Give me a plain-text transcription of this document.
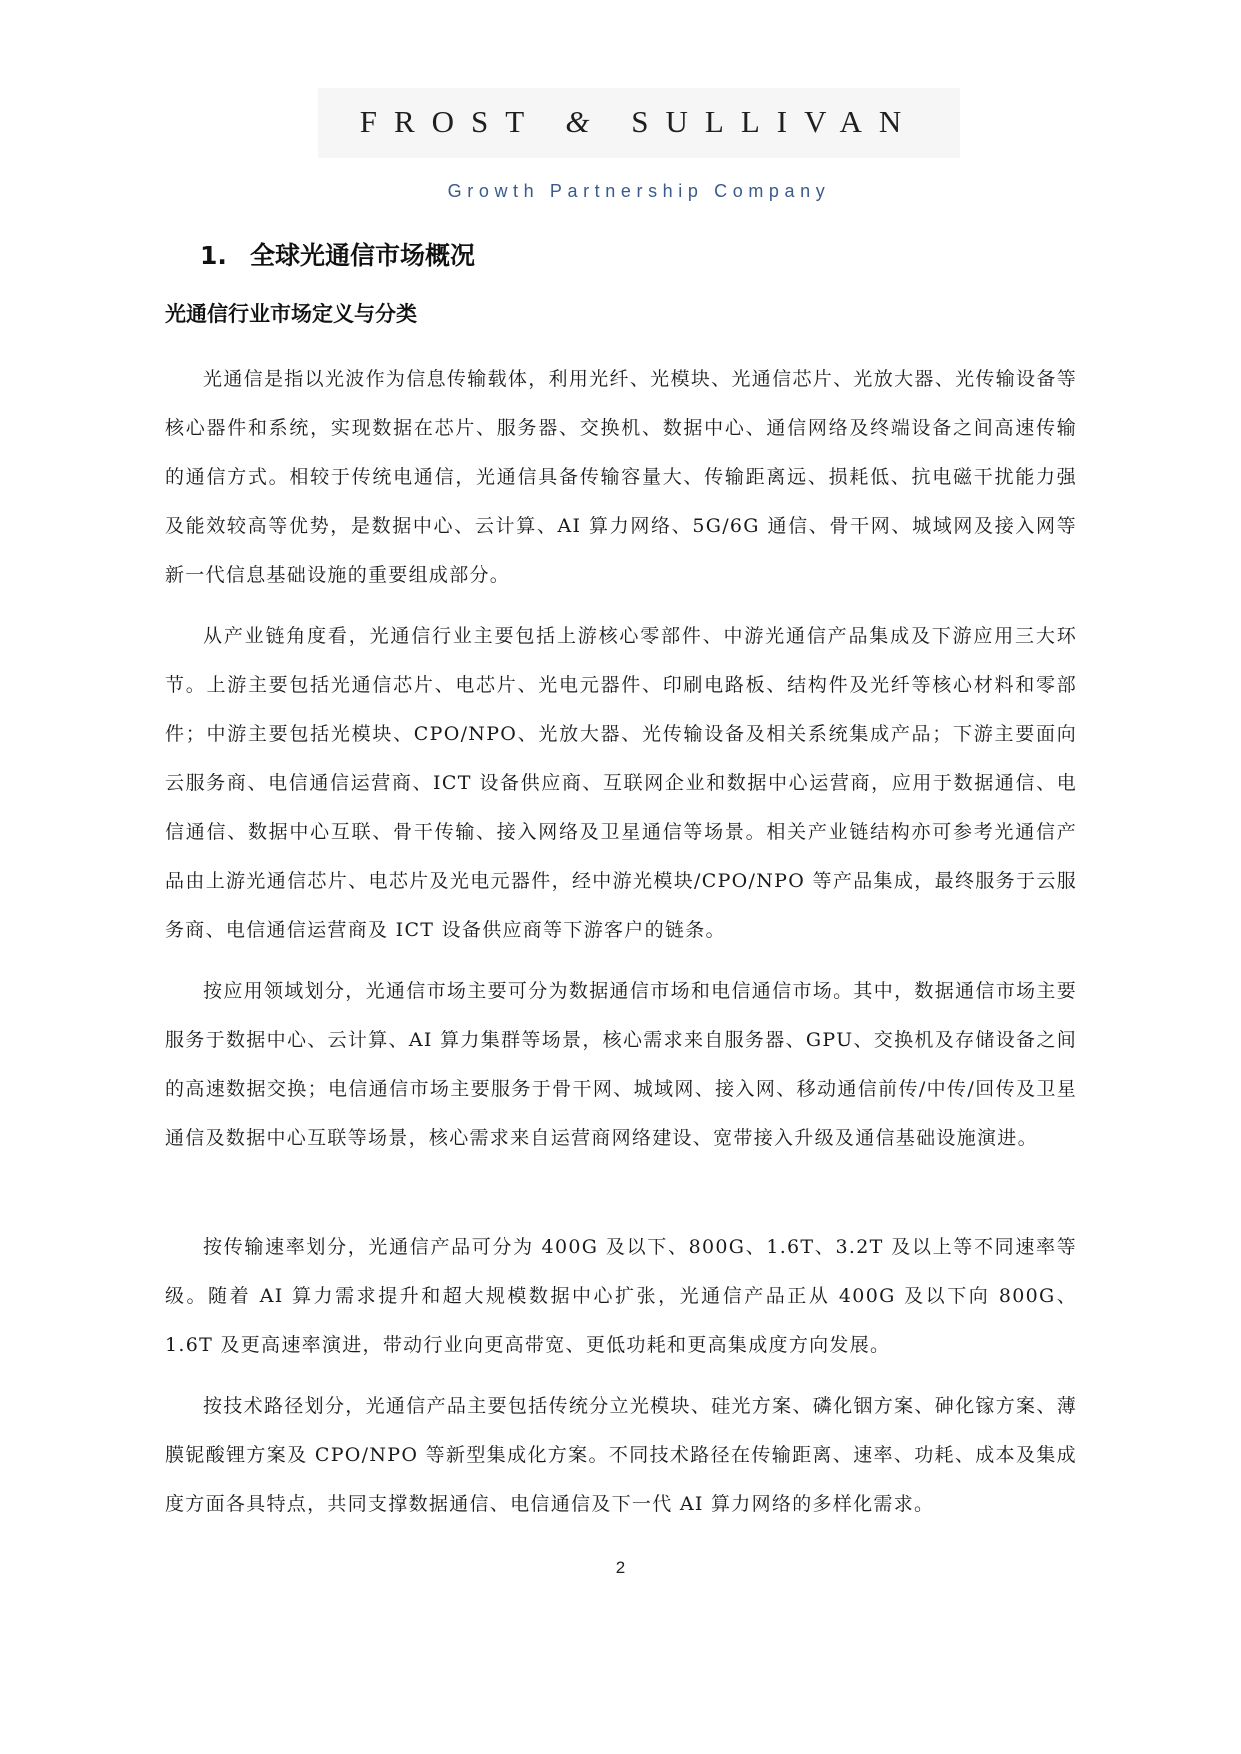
FROST & SULLIVAN
Growth Partnership Company
1. 全球光通信市场概况
光通信行业市场定义与分类

光通信是指以光波作为信息传输载体，利用光纤、光模块、光通信芯片、光放大器、光传输设备等核心器件和系统，实现数据在芯片、服务器、交换机、数据中心、通信网络及终端设备之间高速传输的通信方式。相较于传统电通信，光通信具备传输容量大、传输距离远、损耗低、抗电磁干扰能力强及能效较高等优势，是数据中心、云计算、AI 算力网络、5G/6G 通信、骨干网、城域网及接入网等新一代信息基础设施的重要组成部分。

从产业链角度看，光通信行业主要包括上游核心零部件、中游光通信产品集成及下游应用三大环节。上游主要包括光通信芯片、电芯片、光电元器件、印刷电路板、结构件及光纤等核心材料和零部件；中游主要包括光模块、CPO/NPO、光放大器、光传输设备及相关系统集成产品；下游主要面向云服务商、电信通信运营商、ICT 设备供应商、互联网企业和数据中心运营商，应用于数据通信、电信通信、数据中心互联、骨干传输、接入网络及卫星通信等场景。相关产业链结构亦可参考光通信产品由上游光通信芯片、电芯片及光电元器件，经中游光模块/CPO/NPO 等产品集成，最终服务于云服务商、电信通信运营商及 ICT 设备供应商等下游客户的链条。

按应用领域划分，光通信市场主要可分为数据通信市场和电信通信市场。其中，数据通信市场主要服务于数据中心、云计算、AI 算力集群等场景，核心需求来自服务器、GPU、交换机及存储设备之间的高速数据交换；电信通信市场主要服务于骨干网、城域网、接入网、移动通信前传/中传/回传及卫星通信及数据中心互联等场景，核心需求来自运营商网络建设、宽带接入升级及通信基础设施演进。

按传输速率划分，光通信产品可分为 400G 及以下、800G、1.6T、3.2T 及以上等不同速率等级。随着 AI 算力需求提升和超大规模数据中心扩张，光通信产品正从 400G 及以下向 800G、1.6T 及更高速率演进，带动行业向更高带宽、更低功耗和更高集成度方向发展。

按技术路径划分，光通信产品主要包括传统分立光模块、硅光方案、磷化铟方案、砷化镓方案、薄膜铌酸锂方案及 CPO/NPO 等新型集成化方案。不同技术路径在传输距离、速率、功耗、成本及集成度方面各具特点，共同支撑数据通信、电信通信及下一代 AI 算力网络的多样化需求。

2
